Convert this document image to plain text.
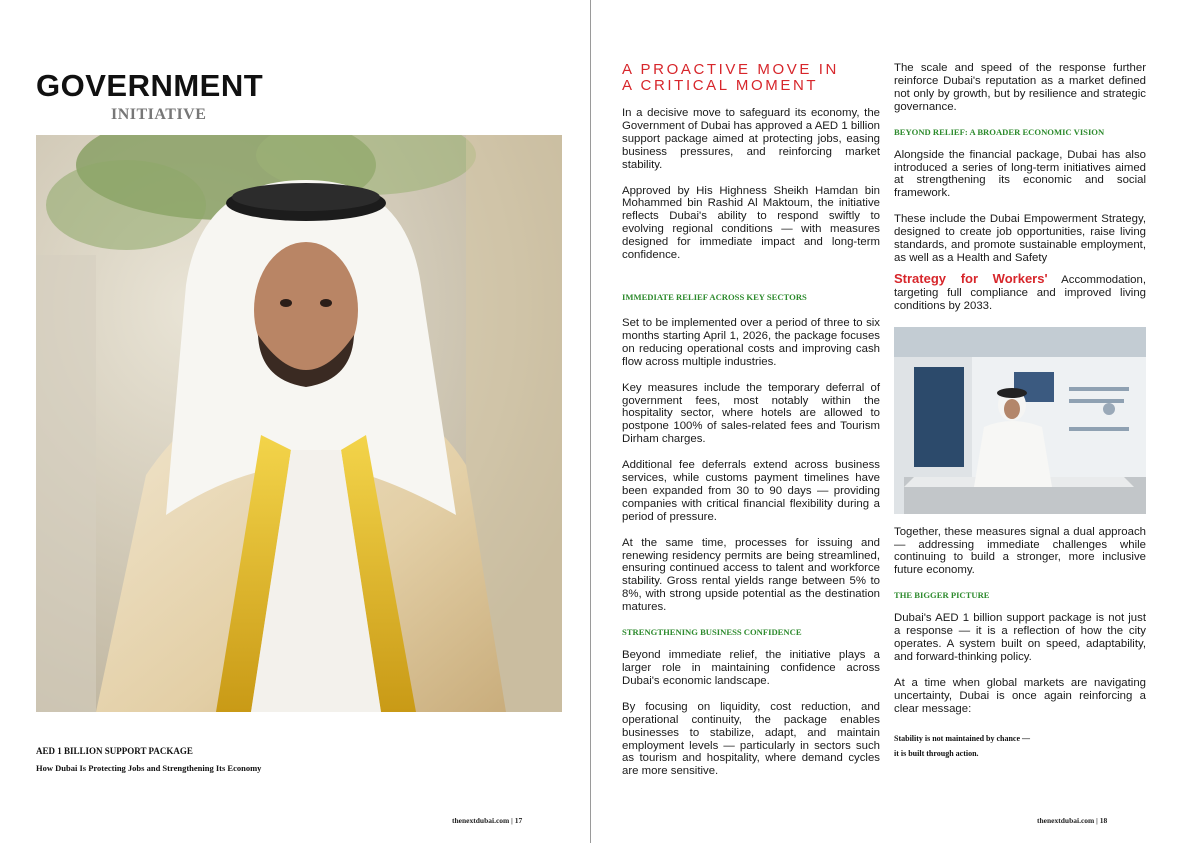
GOVERNMENT
INITIATIVE

AED 1 BILLION SUPPORT PACKAGE

How Dubai Is Protecting Jobs and Strengthening Its Economy

thenextdubai.com | 17

A PROACTIVE MOVE IN
A CRITICAL MOMENT

In a decisive move to safeguard its economy, the Government of Dubai has approved a AED 1 billion support package aimed at protecting jobs, easing business pressures, and reinforcing market stability.

Approved by His Highness Sheikh Hamdan bin Mohammed bin Rashid Al Maktoum, the initiative reflects Dubai's ability to respond swiftly to evolving regional conditions — with measures designed for immediate impact and long-term confidence.

IMMEDIATE RELIEF ACROSS KEY SECTORS

Set to be implemented over a period of three to six months starting April 1, 2026, the package focuses on reducing operational costs and improving cash flow across multiple industries.

Key measures include the temporary deferral of government fees, most notably within the hospitality sector, where hotels are allowed to postpone 100% of sales-related fees and Tourism Dirham charges.

Additional fee deferrals extend across business services, while customs payment timelines have been expanded from 30 to 90 days — providing companies with critical financial flexibility during a period of pressure.

At the same time, processes for issuing and renewing residency permits are being streamlined, ensuring continued access to talent and workforce stability. Gross rental yields range between 5% to 8%, with strong upside potential as the destination matures.

STRENGTHENING BUSINESS CONFIDENCE

Beyond immediate relief, the initiative plays a larger role in maintaining confidence across Dubai's economic landscape.

By focusing on liquidity, cost reduction, and operational continuity, the package enables businesses to stabilize, adapt, and maintain employment levels — particularly in sectors such as tourism and hospitality, where demand cycles are more sensitive.

The scale and speed of the response further reinforce Dubai's reputation as a market defined not only by growth, but by resilience and strategic governance.

BEYOND RELIEF: A BROADER ECONOMIC VISION

Alongside the financial package, Dubai has also introduced a series of long-term initiatives aimed at strengthening its economic and social framework.

These include the Dubai Empowerment Strategy, designed to create job opportunities, raise living standards, and promote sustainable employment, as well as a Health and Safety

Strategy for Workers' Accommodation, targeting full compliance and improved living conditions by 2033.

Together, these measures signal a dual approach — addressing immediate challenges while continuing to build a stronger, more inclusive future economy.

THE BIGGER PICTURE

Dubai's AED 1 billion support package is not just a response — it is a reflection of how the city operates. A system built on speed, adaptability, and forward-thinking policy.

At a time when global markets are navigating uncertainty, Dubai is once again reinforcing a clear message:

Stability is not maintained by chance —

it is built through action.

thenextdubai.com | 18
